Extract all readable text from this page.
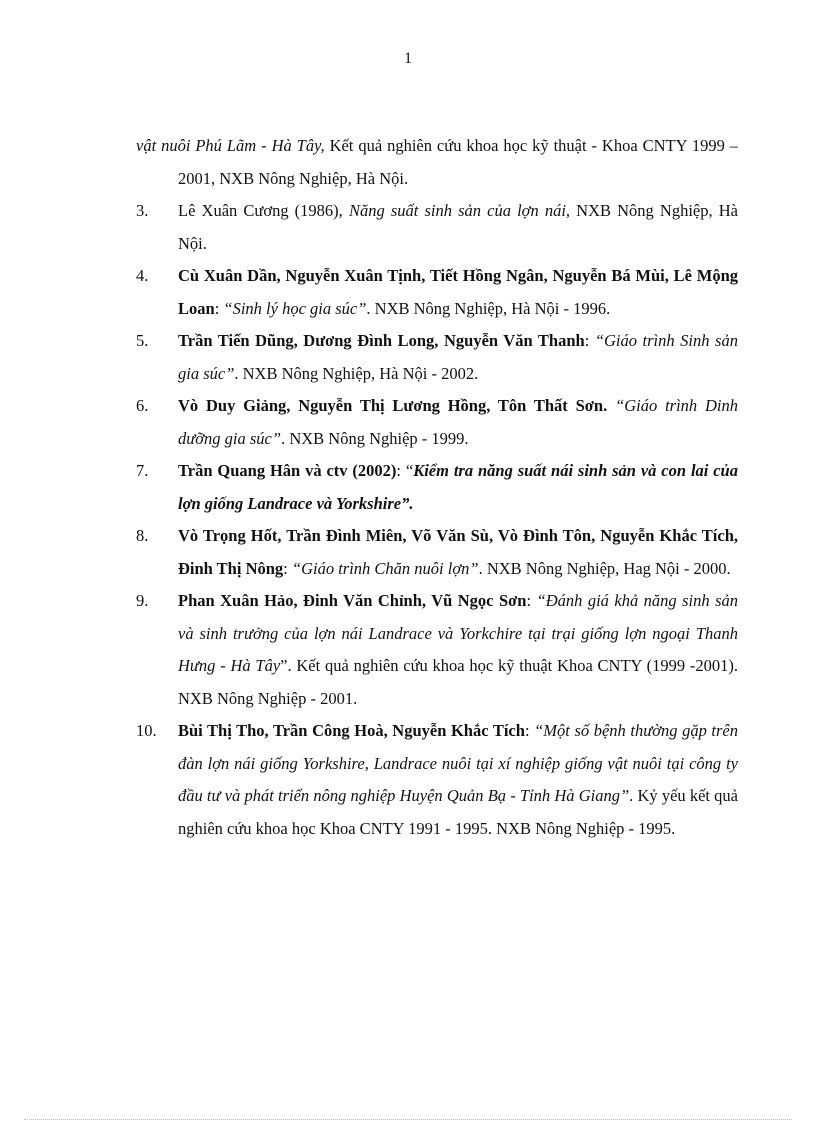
1
vật nuôi Phú Lãm - Hà Tây, Kết quả nghiên cứu khoa học kỹ thuật - Khoa CNTY 1999 – 2001, NXB Nông Nghiệp, Hà Nội.
3. Lê Xuân Cương (1986), Năng suất sinh sản của lợn nái, NXB Nông Nghiệp, Hà Nội.
4. Cù Xuân Dần, Nguyễn Xuân Tịnh, Tiết Hồng Ngân, Nguyễn Bá Mùi, Lê Mộng Loan: “Sinh lý học gia súc”. NXB Nông Nghiệp, Hà Nội - 1996.
5. Trần Tiến Dũng, Dương Đình Long, Nguyễn Văn Thanh: “Giáo trình Sinh sản gia súc”. NXB Nông Nghiệp, Hà Nội - 2002.
6. Vò Duy Giảng, Nguyễn Thị Lương Hồng, Tôn Thất Sơn. “Giáo trình Dinh dưỡng gia súc”. NXB Nông Nghiệp - 1999.
7. Trần Quang Hân và ctv (2002): “Kiểm tra năng suất nái sinh sản và con lai của lợn giống Landrace và Yorkshire”.
8. Vò Trọng Hốt, Trần Đình Miên, Võ Văn Sù, Vò Đình Tôn, Nguyễn Khắc Tích, Đinh Thị Nông: “Giáo trình Chăn nuôi lợn”. NXB Nông Nghiệp, Hag Nội - 2000.
9. Phan Xuân Hảo, Đinh Văn Chỉnh, Vũ Ngọc Sơn: “Đánh giá khả năng sinh sản và sinh trưởng của lợn nái Landrace và Yorkchire tại trại giống lợn ngoại Thanh Hưng - Hà Tây”. Kết quả nghiên cứu khoa học kỹ thuật Khoa CNTY (1999 -2001). NXB Nông Nghiệp - 2001.
10. Bùi Thị Tho, Trần Công Hoà, Nguyễn Khắc Tích: “Một số bệnh thường gặp trên đàn lợn nái giống Yorkshire, Landrace nuôi tại xí nghiệp giống vật nuôi tại công ty đầu tư và phát triển nông nghiệp Huyện Quản Bạ - Tỉnh Hà Giang”. Kỷ yếu kết quả nghiên cứu khoa học Khoa CNTY 1991 - 1995. NXB Nông Nghiệp - 1995.
